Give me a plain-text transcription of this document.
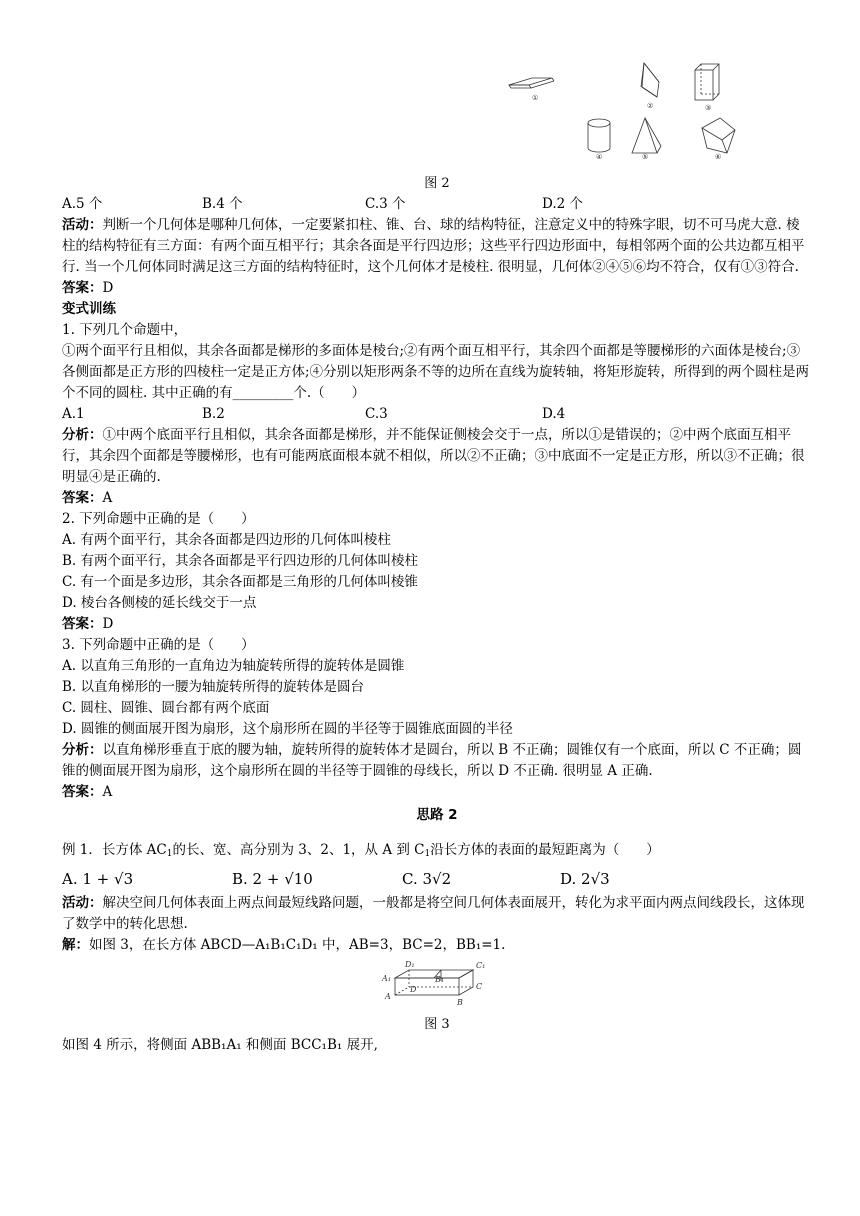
①
②	③
④	⑤	⑥
图 2
A.5 个	B.4 个	C.3 个	D.2 个

活动：判断一个几何体是哪种几何体，一定要紧扣柱、锥、台、球的结构特征，注意定义中的特殊字眼，切不可马虎大意. 棱柱的结构特征有三方面：有两个面互相平行；其余各面是平行四边形；这些平行四边形面中，每相邻两个面的公共边都互相平行. 当一个几何体同时满足这三方面的结构特征时，这个几何体才是棱柱. 很明显，几何体②④⑤⑥均不符合，仅有①③符合.

答案：D

变式训练

1. 下列几个命题中，

①两个面平行且相似，其余各面都是梯形的多面体是棱台;②有两个面互相平行，其余四个面都是等腰梯形的六面体是棱台;③各侧面都是正方形的四棱柱一定是正方体;④分别以矩形两条不等的边所在直线为旋转轴，将矩形旋转，所得到的两个圆柱是两个不同的圆柱. 其中正确的有_________个.（　　）

A.1	B.2	C.3	D.4

分析：①中两个底面平行且相似，其余各面都是梯形，并不能保证侧棱会交于一点，所以①是错误的；②中两个底面互相平行，其余四个面都是等腰梯形，也有可能两底面根本就不相似，所以②不正确；③中底面不一定是正方形，所以③不正确；很明显④是正确的.

答案：A

2. 下列命题中正确的是（　　）

A. 有两个面平行，其余各面都是四边形的几何体叫棱柱

B. 有两个面平行，其余各面都是平行四边形的几何体叫棱柱

C. 有一个面是多边形，其余各面都是三角形的几何体叫棱锥

D. 棱台各侧棱的延长线交于一点

答案：D

3. 下列命题中正确的是（　　）

A. 以直角三角形的一直角边为轴旋转所得的旋转体是圆锥

B. 以直角梯形的一腰为轴旋转所得的旋转体是圆台

C. 圆柱、圆锥、圆台都有两个底面

D. 圆锥的侧面展开图为扇形，这个扇形所在圆的半径等于圆锥底面圆的半径

分析：以直角梯形垂直于底的腰为轴，旋转所得的旋转体才是圆台，所以 B 不正确；圆锥仅有一个底面，所以 C 不正确；圆锥的侧面展开图为扇形，这个扇形所在圆的半径等于圆锥的母线长，所以 D 不正确. 很明显 A 正确.

答案：A

思路 2

例 1．长方体 $AC_1$的长、宽、高分别为 3、2、1，从 A 到 $C_1$沿长方体的表面的最短距离为（　　）

A. 1 + √3	B. 2 + √10	C. 3√2	D. 2√3

活动：解决空间几何体表面上两点间最短线路问题，一般都是将空间几何体表面展开，转化为求平面内两点间线段长，这体现了数学中的转化思想.

解：如图 3，在长方体 ABCD—A₁B₁C₁D₁ 中，AB=3，BC=2，BB₁=1.

D₁	C₁
A₁	B₁
D	C
A
B
图 3

如图 4 所示，将侧面 ABB₁A₁ 和侧面 BCC₁B₁ 展开,
